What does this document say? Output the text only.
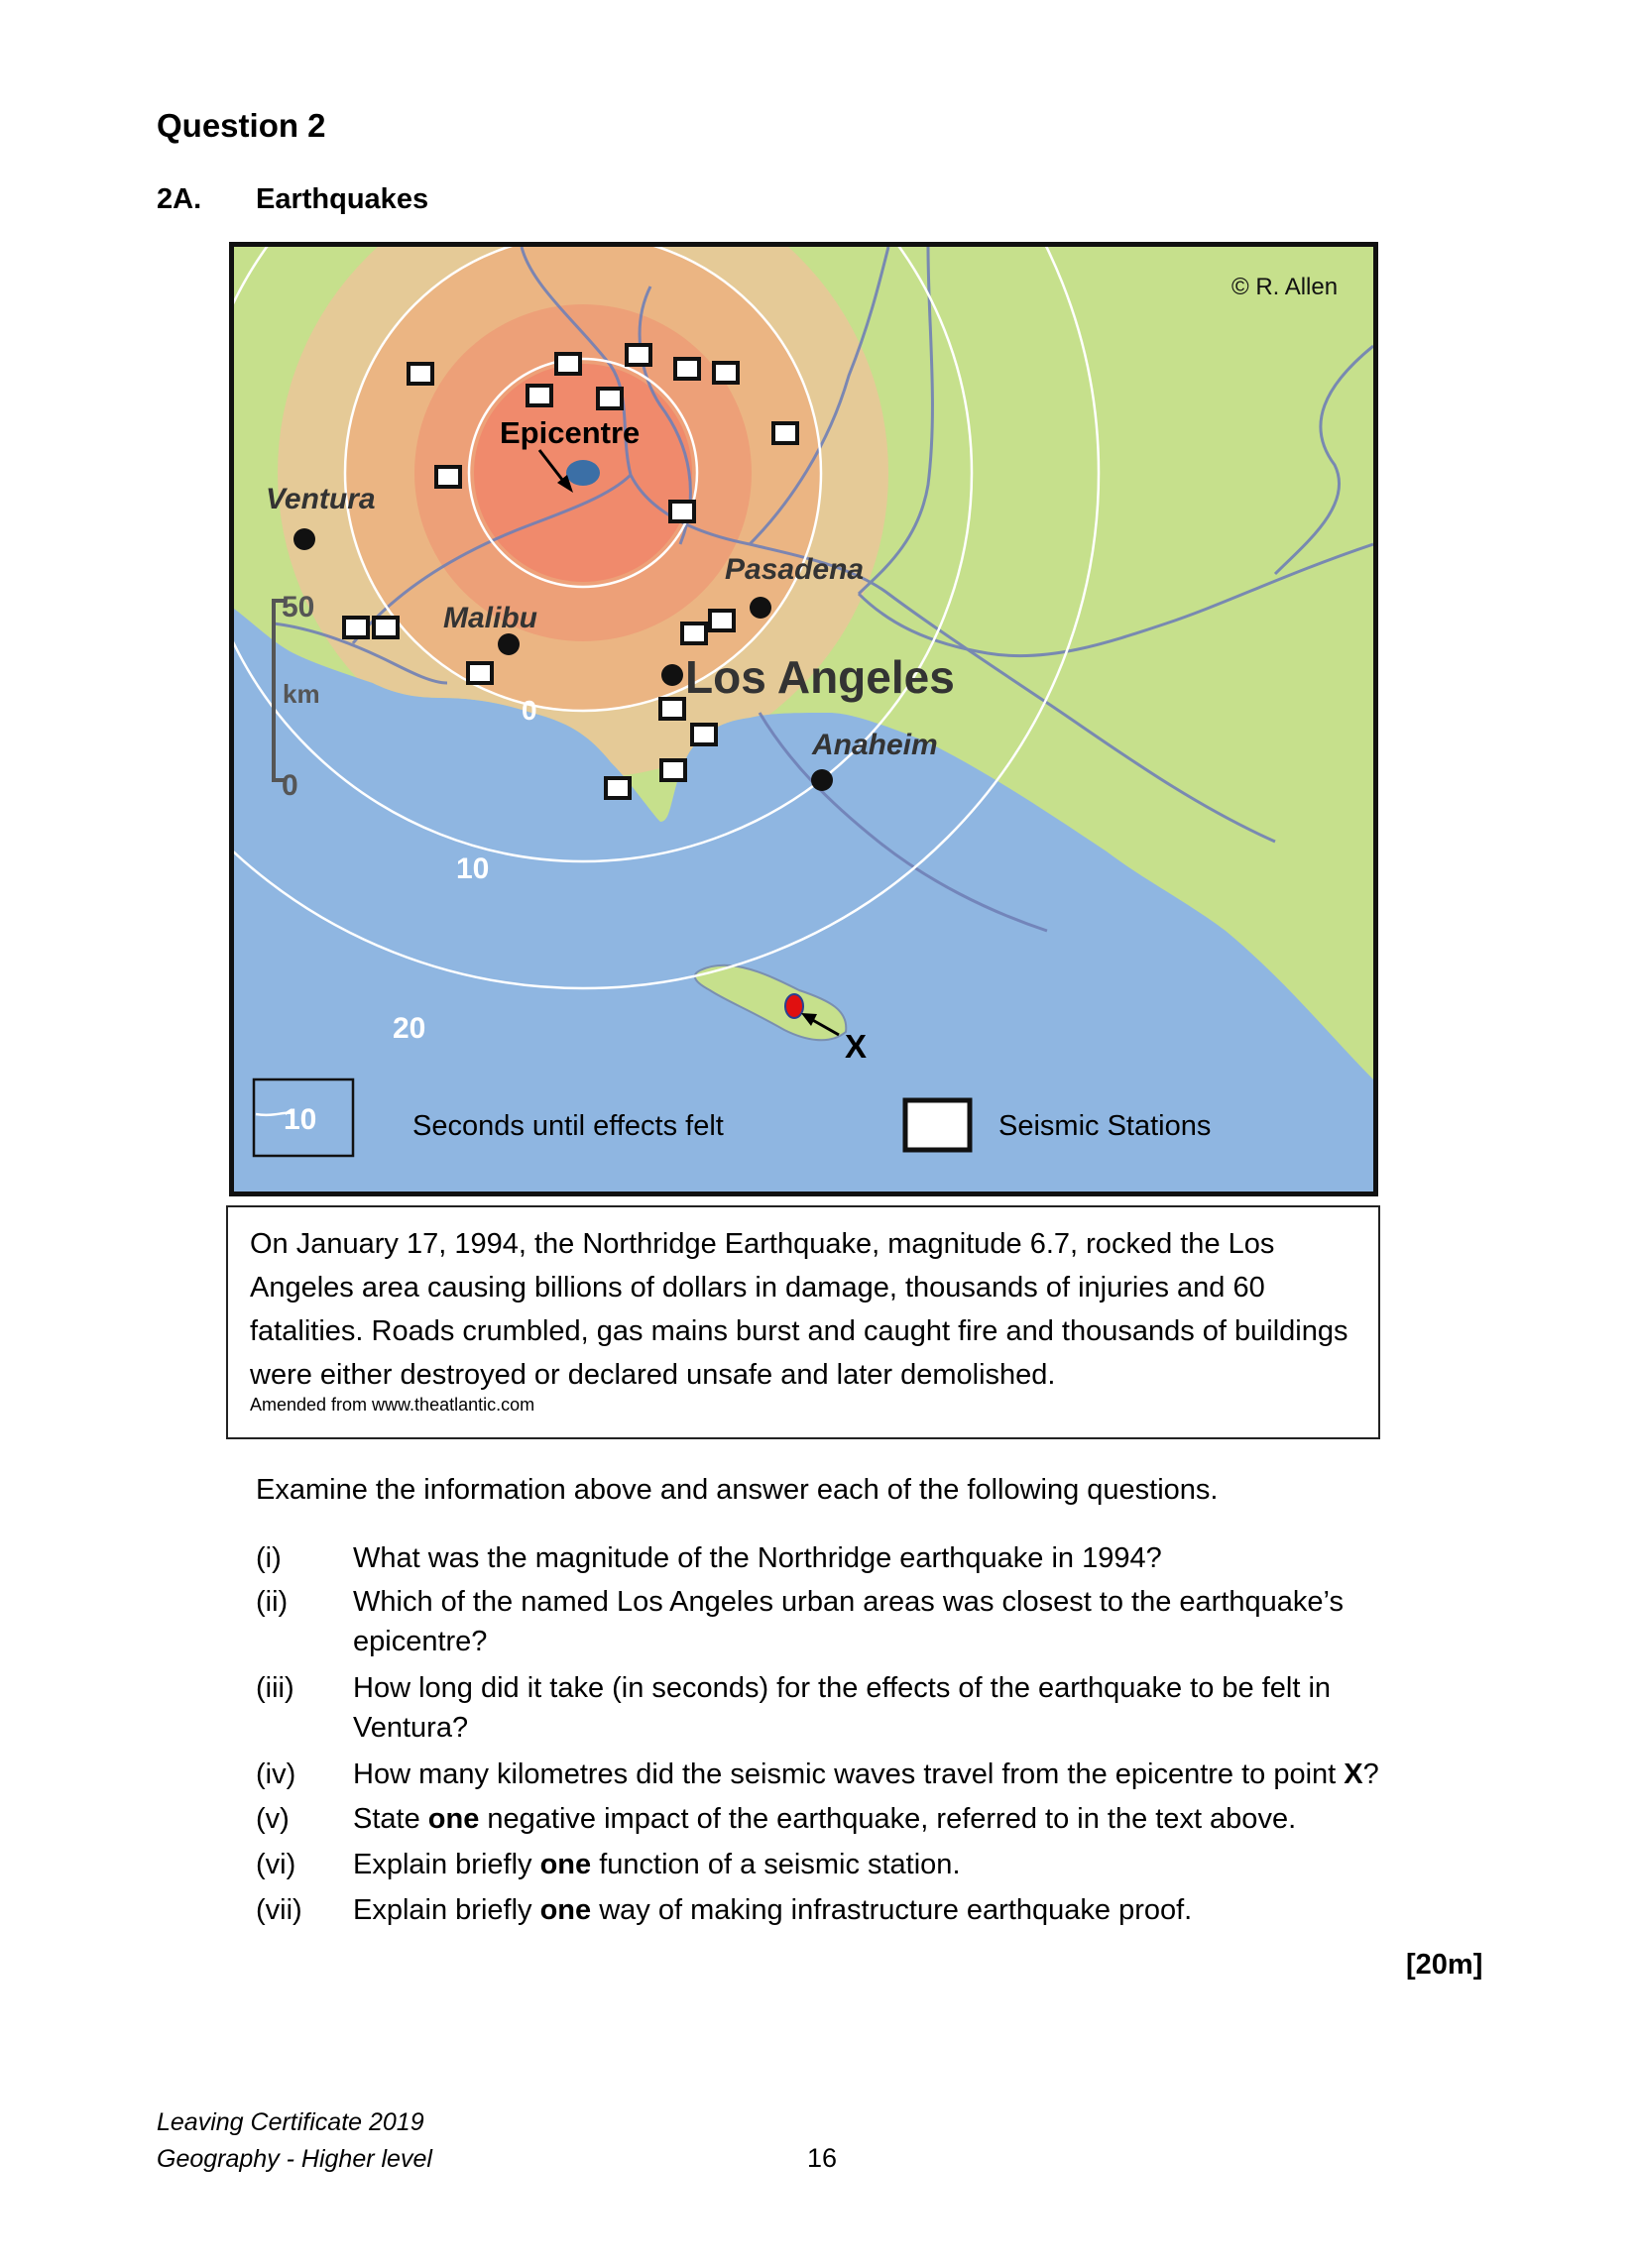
Question 2
2A. Earthquakes
0
10
20
Epicentre
Ventura
Malibu
Pasadena
Los Angeles
Anaheim
X
50
km
0
© R. Allen
10	Seconds until effects felt	Seismic Stations

On January 17, 1994, the Northridge Earthquake, magnitude 6.7, rocked the Los Angeles area causing billions of dollars in damage, thousands of injuries and 60 fatalities. Roads crumbled, gas mains burst and caught fire and thousands of buildings were either destroyed or declared unsafe and later demolished.

Amended from www.theatlantic.com
Examine the information above and answer each of the following questions.
(i) What was the magnitude of the Northridge earthquake in 1994?
(ii) Which of the named Los Angeles urban areas was closest to the earthquake’s epicentre?
(iii) How long did it take (in seconds) for the effects of the earthquake to be felt in Ventura?
(iv) How many kilometres did the seismic waves travel from the epicentre to point X?
(v) State one negative impact of the earthquake, referred to in the text above.
(vi) Explain briefly one function of a seismic station.
(vii) Explain briefly one way of making infrastructure earthquake proof.
[20m]
Leaving Certificate 2019
Geography - Higher level	16
